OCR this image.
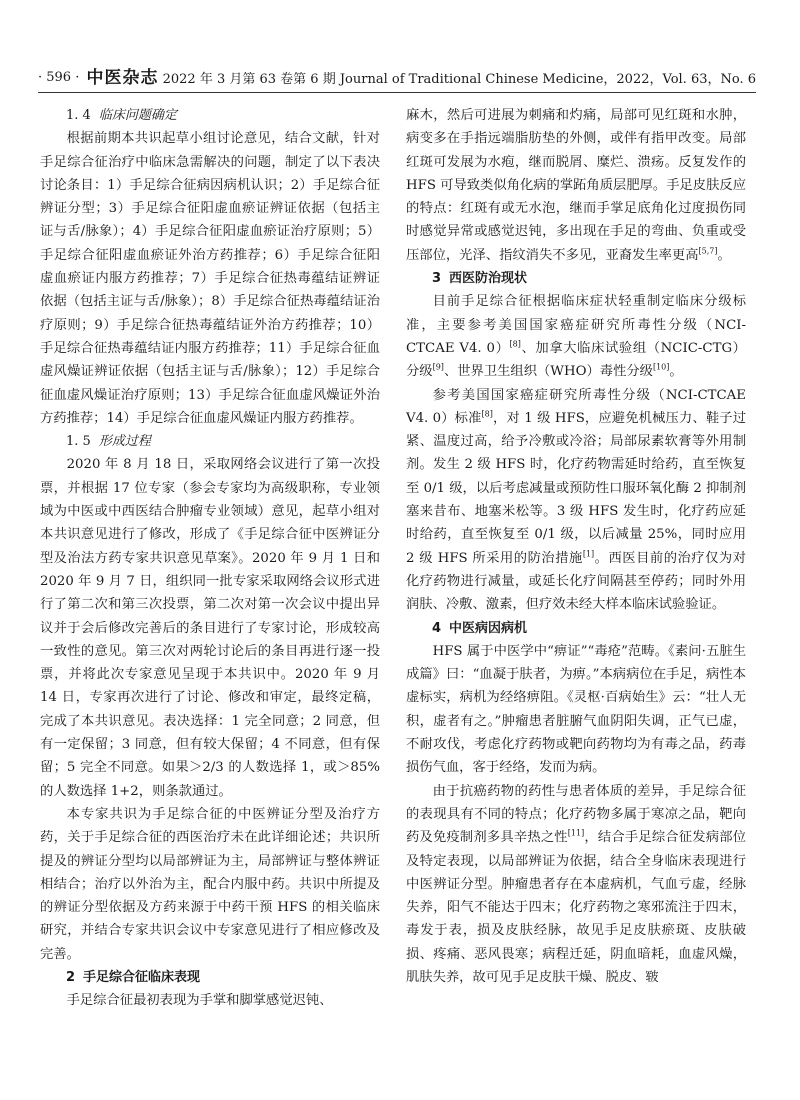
· 596 · 中医杂志 2022 年 3 月第 63 卷第 6 期 Journal of Traditional Chinese Medicine，2022，Vol. 63，No. 6

1. 4 临床问题确定

根据前期本共识起草小组讨论意见，结合文献，针对手足综合征治疗中临床急需解决的问题，制定了以下表决讨论条目：1）手足综合征病因病机认识；2）手足综合征辨证分型；3）手足综合征阳虚血瘀证辨证依据（包括主证与舌/脉象）；4）手足综合征阳虚血瘀证治疗原则；5）手足综合征阳虚血瘀证外治方药推荐；6）手足综合征阳虚血瘀证内服方药推荐；7）手足综合征热毒蕴结证辨证依据（包括主证与舌/脉象）；8）手足综合征热毒蕴结证治疗原则；9）手足综合征热毒蕴结证外治方药推荐；10）手足综合征热毒蕴结证内服方药推荐；11）手足综合征血虚风燥证辨证依据（包括主证与舌/脉象）；12）手足综合征血虚风燥证治疗原则；13）手足综合征血虚风燥证外治方药推荐；14）手足综合征血虚风燥证内服方药推荐。

1. 5 形成过程

2020 年 8 月 18 日，采取网络会议进行了第一次投票，并根据 17 位专家（参会专家均为高级职称，专业领域为中医或中西医结合肿瘤专业领域）意见，起草小组对本共识意见进行了修改，形成了《手足综合征中医辨证分型及治法方药专家共识意见草案》。2020 年 9 月 1 日和 2020 年 9 月 7 日，组织同一批专家采取网络会议形式进行了第二次和第三次投票，第二次对第一次会议中提出异议并于会后修改完善后的条目进行了专家讨论，形成较高一致性的意见。第三次对两轮讨论后的条目再进行逐一投票，并将此次专家意见呈现于本共识中。2020 年 9 月 14 日，专家再次进行了讨论、修改和审定，最终定稿，完成了本共识意见。表决选择：1 完全同意；2 同意，但有一定保留；3 同意，但有较大保留；4 不同意，但有保留；5 完全不同意。如果＞2/3 的人数选择 1，或＞85% 的人数选择 1+2，则条款通过。

本专家共识为手足综合征的中医辨证分型及治疗方药，关于手足综合征的西医治疗未在此详细论述；共识所提及的辨证分型均以局部辨证为主，局部辨证与整体辨证相结合；治疗以外治为主，配合内服中药。共识中所提及的辨证分型依据及方药来源于中药干预 HFS 的相关临床研究，并结合专家共识会议中专家意见进行了相应修改及完善。

2 手足综合征临床表现

手足综合征最初表现为手掌和脚掌感觉迟钝、

麻木，然后可进展为刺痛和灼痛，局部可见红斑和水肿，病变多在手指远端脂肪垫的外侧，或伴有指甲改变。局部红斑可发展为水疱，继而脱屑、糜烂、溃疡。反复发作的 HFS 可导致类似角化病的掌跖角质层肥厚。手足皮肤反应的特点：红斑有或无水泡，继而手掌足底角化过度损伤同时感觉异常或感觉迟钝，多出现在手足的弯曲、负重或受压部位，光泽、指纹消失不多见，亚裔发生率更高[5,7]。

3 西医防治现状

目前手足综合征根据临床症状轻重制定临床分级标准，主要参考美国国家癌症研究所毒性分级（NCI-CTCAE V4. 0）[8]、加拿大临床试验组（NCIC-CTG）分级[9]、世界卫生组织（WHO）毒性分级[10]。

参考美国国家癌症研究所毒性分级（NCI-CTCAE V4. 0）标准[8]，对 1 级 HFS，应避免机械压力、鞋子过紧、温度过高，给予冷敷或冷浴；局部尿素软膏等外用制剂。发生 2 级 HFS 时，化疗药物需延时给药，直至恢复至 0/1 级，以后考虑减量或预防性口服环氧化酶 2 抑制剂塞来昔布、地塞米松等。3 级 HFS 发生时，化疗药应延时给药，直至恢复至 0/1 级，以后减量 25%，同时应用 2 级 HFS 所采用的防治措施[1]。西医目前的治疗仅为对化疗药物进行减量，或延长化疗间隔甚至停药；同时外用润肤、冷敷、激素，但疗效未经大样本临床试验验证。

4 中医病因病机

HFS 属于中医学中“痹证”“毒疮”范畴。《素问·五脏生成篇》曰：“血凝于肤者，为痹。”本病病位在手足，病性本虚标实，病机为经络痹阻。《灵枢·百病始生》云：“壮人无积，虚者有之。”肿瘤患者脏腑气血阴阳失调，正气已虚，不耐攻伐，考虑化疗药物或靶向药物均为有毒之品，药毒损伤气血，客于经络，发而为病。

由于抗癌药物的药性与患者体质的差异，手足综合征的表现具有不同的特点；化疗药物多属于寒凉之品，靶向药及免疫制剂多具辛热之性[11]，结合手足综合征发病部位及特定表现，以局部辨证为依据，结合全身临床表现进行中医辨证分型。肿瘤患者存在本虚病机，气血亏虚，经脉失养，阳气不能达于四末；化疗药物之寒邪流注于四末，毒发于表，损及皮肤经脉，故见手足皮肤瘀斑、皮肤破损、疼痛、恶风畏寒；病程迁延，阴血暗耗，血虚风燥，肌肤失养，故可见手足皮肤干燥、脱皮、皲
